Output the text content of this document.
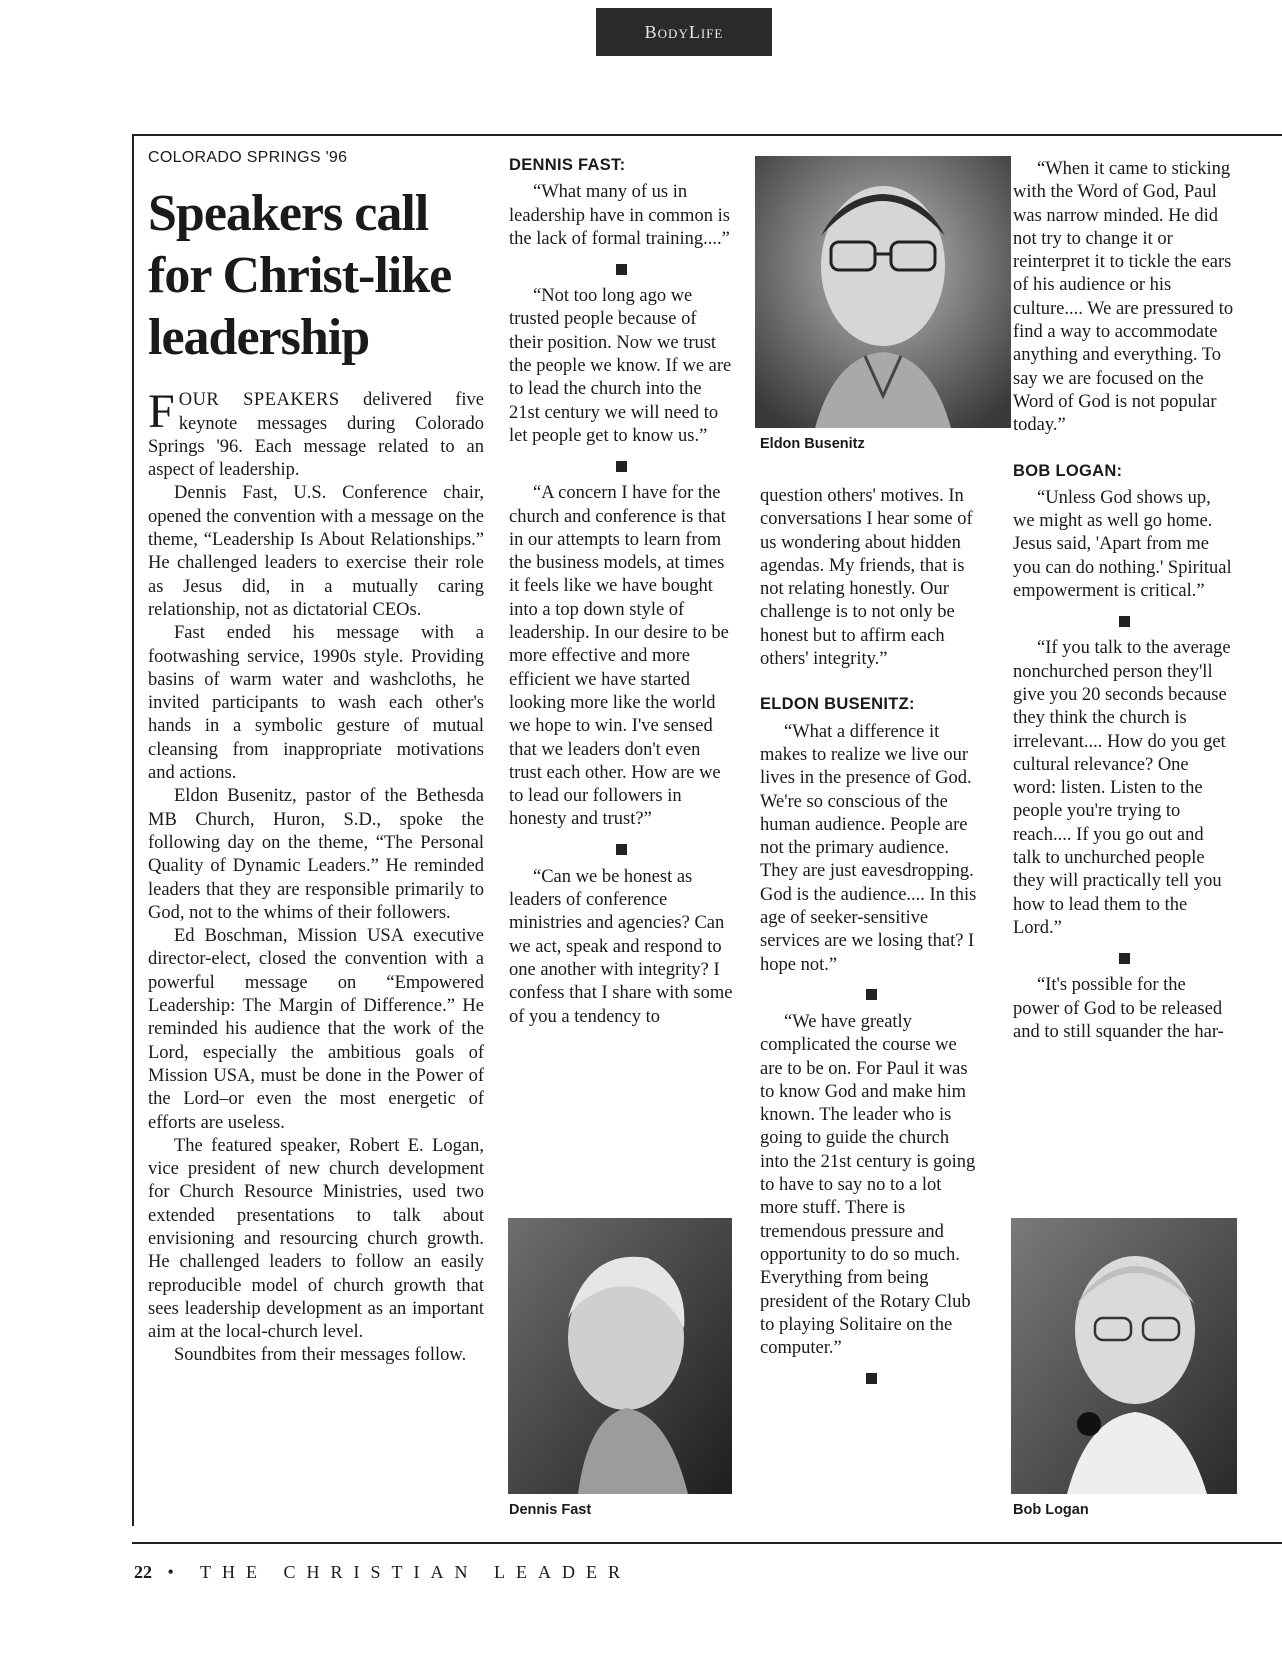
BodyLife

COLORADO SPRINGS '96

Speakers call for Christ-like leadership

FOUR SPEAKERS delivered five keynote messages during Colorado Springs '96. Each message related to an aspect of leadership.

Dennis Fast, U.S. Conference chair, opened the convention with a message on the theme, “Leadership Is About Relationships.” He challenged leaders to exercise their role as Jesus did, in a mutually caring relationship, not as dictatorial CEOs.

Fast ended his message with a footwashing service, 1990s style. Providing basins of warm water and washcloths, he invited participants to wash each other's hands in a symbolic gesture of mutual cleansing from inappropriate motivations and actions.

Eldon Busenitz, pastor of the Bethesda MB Church, Huron, S.D., spoke the following day on the theme, “The Personal Quality of Dynamic Leaders.” He reminded leaders that they are responsible primarily to God, not to the whims of their followers.

Ed Boschman, Mission USA executive director-elect, closed the convention with a powerful message on “Empowered Leadership: The Margin of Difference.” He reminded his audience that the work of the Lord, especially the ambitious goals of Mission USA, must be done in the Power of the Lord–or even the most energetic of efforts are useless.

The featured speaker, Robert E. Logan, vice president of new church development for Church Resource Ministries, used two extended presentations to talk about envisioning and resourcing church growth. He challenged leaders to follow an easily reproducible model of church growth that sees leadership development as an important aim at the local-church level.

Soundbites from their messages follow.

DENNIS FAST:

“What many of us in leadership have in common is the lack of formal training....”

“Not too long ago we trusted people because of their position. Now we trust the people we know. If we are to lead the church into the 21st century we will need to let people get to know us.”

“A concern I have for the church and conference is that in our attempts to learn from the business models, at times it feels like we have bought into a top down style of leadership. In our desire to be more effective and more efficient we have started looking more like the world we hope to win. I've sensed that we leaders don't even trust each other. How are we to lead our followers in honesty and trust?”

“Can we be honest as leaders of conference ministries and agencies? Can we act, speak and respond to one another with integrity? I confess that I share with some of you a tendency to

question others' motives. In conversations I hear some of us wondering about hidden agendas. My friends, that is not relating honestly. Our challenge is to not only be honest but to affirm each others' integrity.”

ELDON BUSENITZ:

“What a difference it makes to realize we live our lives in the presence of God. We're so conscious of the human audience. People are not the primary audience. They are just eavesdropping. God is the audience.... In this age of seeker-sensitive services are we losing that? I hope not.”

“We have greatly complicated the course we are to be on. For Paul it was to know God and make him known. The leader who is going to guide the church into the 21st century is going to have to say no to a lot more stuff. There is tremendous pressure and opportunity to do so much. Everything from being president of the Rotary Club to playing Solitaire on the computer.”

“When it came to sticking with the Word of God, Paul was narrow minded. He did not try to change it or reinterpret it to tickle the ears of his audience or his culture.... We are pressured to find a way to accommodate anything and everything. To say we are focused on the Word of God is not popular today.”

BOB LOGAN:

“Unless God shows up, we might as well go home. Jesus said, 'Apart from me you can do nothing.' Spiritual empowerment is critical.”

“If you talk to the average nonchurched person they'll give you 20 seconds because they think the church is irrelevant.... How do you get cultural relevance? One word: listen. Listen to the people you're trying to reach.... If you go out and talk to unchurched people they will practically tell you how to lead them to the Lord.”

“It's possible for the power of God to be released and to still squander the har-

Eldon Busenitz
Dennis Fast	Bob Logan
22 • THE CHRISTIAN LEADER
